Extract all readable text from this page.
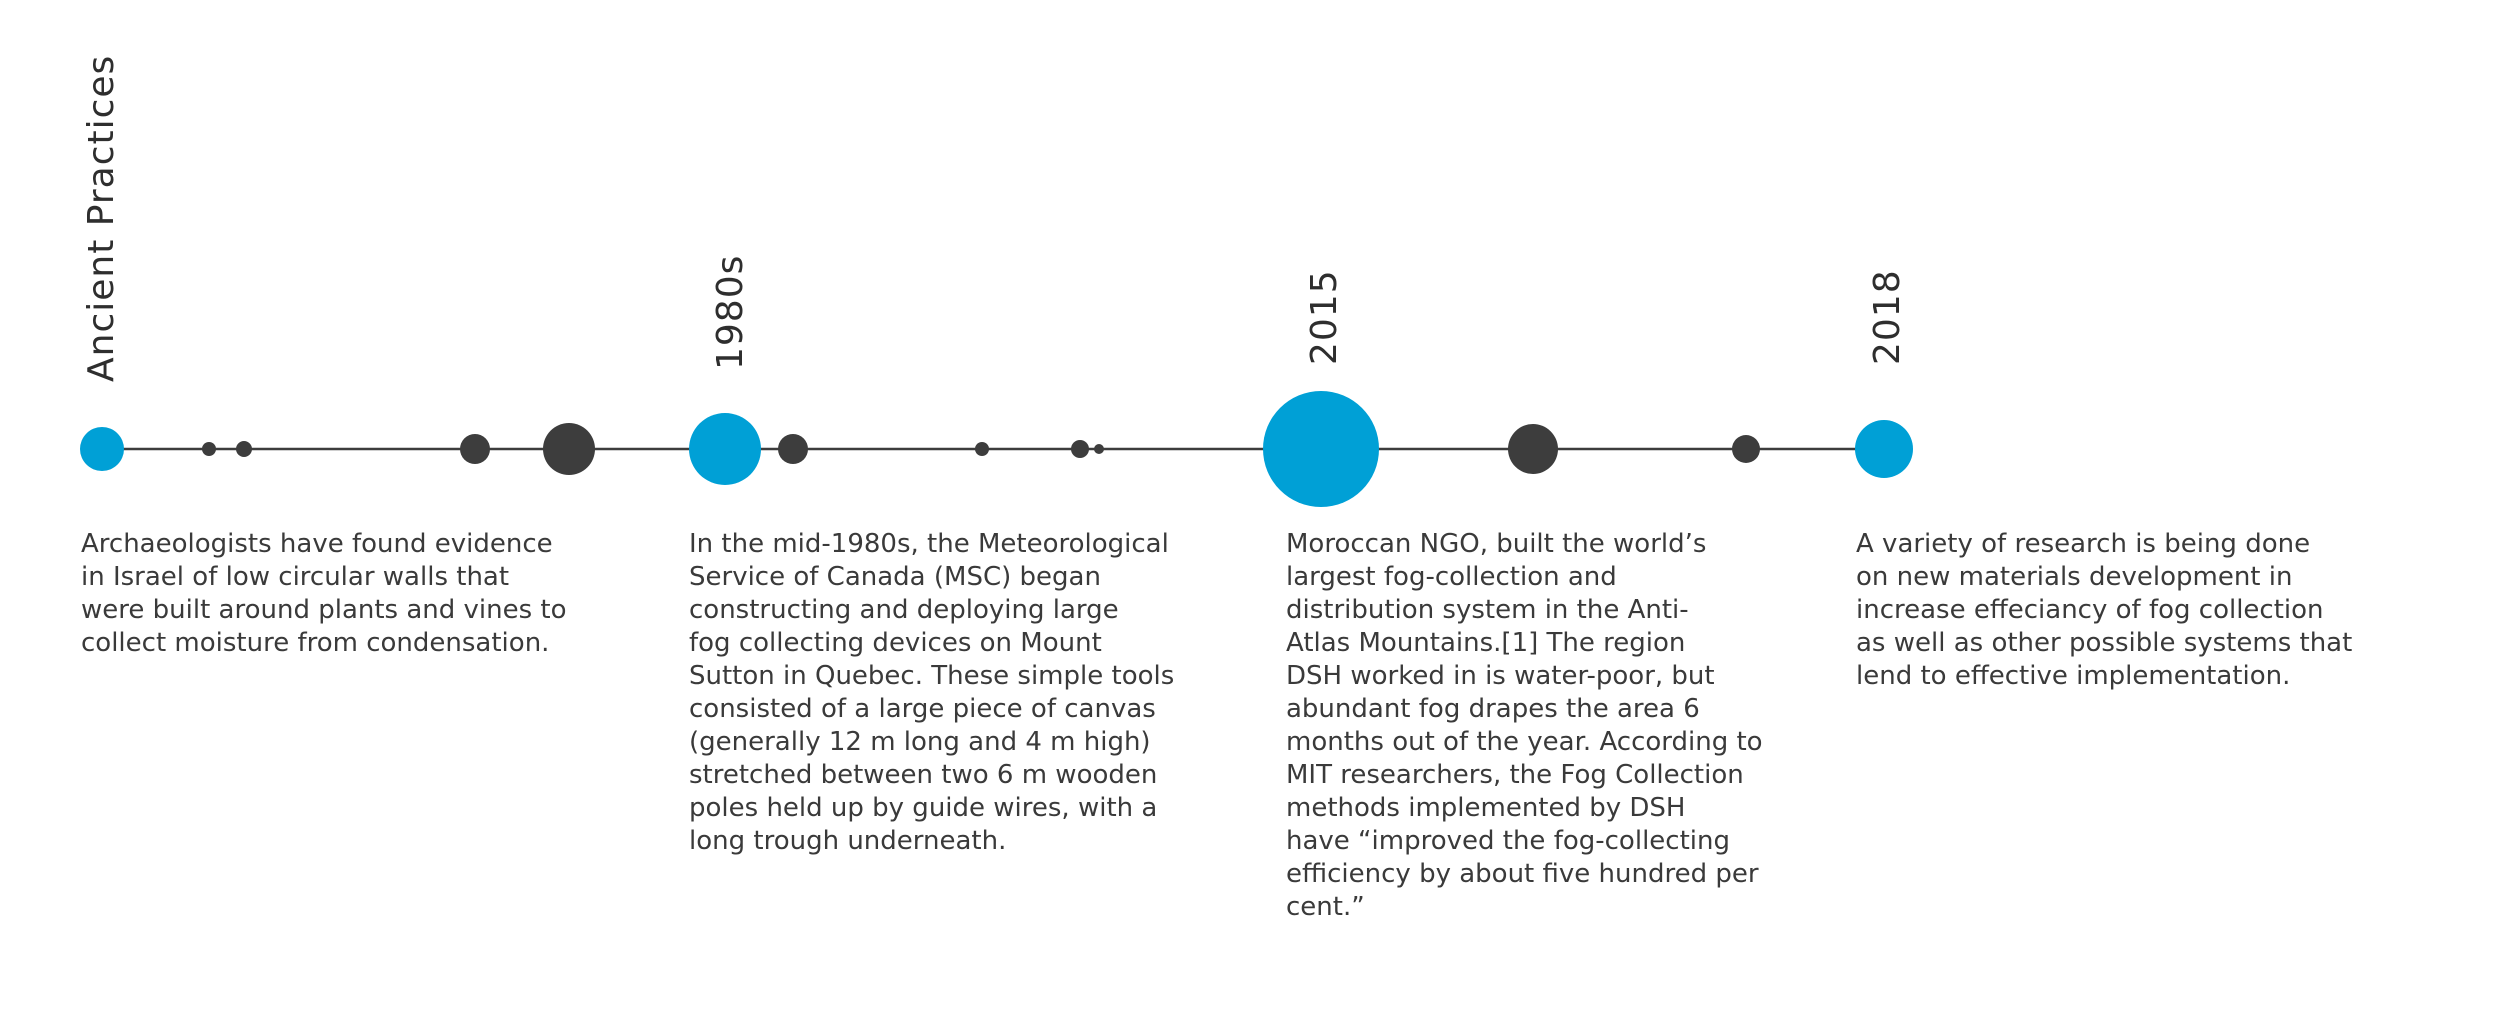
Ancient Practices	1980s	2015	2018

Archaeologists have found evidence
in Israel of low circular walls that
were built around plants and vines to
collect moisture from condensation.

In the mid-1980s, the Meteorological
Service of Canada (MSC) began
constructing and deploying large
fog collecting devices on Mount
Sutton in Quebec. These simple tools
consisted of a large piece of canvas
(generally 12 m long and 4 m high)
stretched between two 6 m wooden
poles held up by guide wires, with a
long trough underneath.

Moroccan NGO, built the world’s
largest fog-collection and
distribution system in the Anti-
Atlas Mountains.[1] The region
DSH worked in is water-poor, but
abundant fog drapes the area 6
months out of the year. According to
MIT researchers, the Fog Collection
methods implemented by DSH
have “improved the fog-collecting
efficiency by about five hundred per
cent.”

A variety of research is being done
on new materials development in
increase effeciancy of fog collection
as well as other possible systems that
lend to effective implementation.
